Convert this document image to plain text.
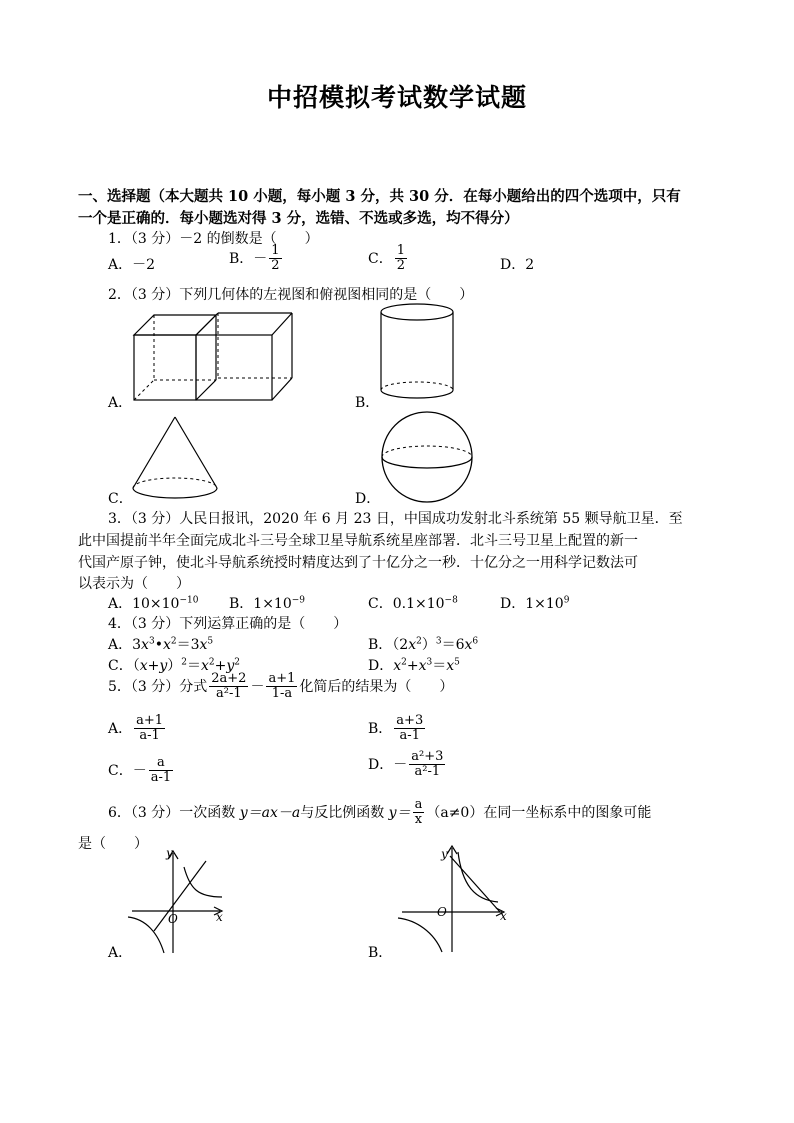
中招模拟考试数学试题
一、选择题（本大题共 10 小题，每小题 3 分，共 30 分．在每小题给出的四个选项中，只有
一个是正确的．每小题选对得 3 分，选错、不选或多选，均不得分）
1．（3 分）－2 的倒数是（　　）
A．－2	B．－ $\frac{1}{2}$	C． $\frac{1}{2}$	D．2
2．（3 分）下列几何体的左视图和俯视图相同的是（　　）
A．	B．
C．	D．
3．（3 分）人民日报讯，2020 年 6 月 23 日，中国成功发射北斗系统第 55 颗导航卫星．至
此中国提前半年全面完成北斗三号全球卫星导航系统星座部署．北斗三号卫星上配置的新一
代国产原子钟，使北斗导航系统授时精度达到了十亿分之一秒．十亿分之一用科学记数法可
以表示为（　　）
A．$10\times 10^{-10}$ B．$1\times 10^{-9}$	C．$0.1\times 10^{-8}$	D．$1\times 10^9$
4．（3 分）下列运算正确的是（　　）
A．$3x^3•x^2=3x^5$	B．$(2x^2)^3=6x^6$
C．$(x+y)^2=x^2+y^2$	D．$x^2+x^3=x^5$
5．（3 分）分式 $\frac{2a+2}{\text{a²-1}} - \frac{a+1}{1-a}$ 化简后的结果为（　　）
A． $\frac{a+1}{a-1}$	B． $\frac{a+3}{a-1}$
C．－ $\frac{a}{a-1}$	D．－ $\frac{\text{a²+3}}{\text{a²-1}}$
6．（3 分）一次函数 y＝ax－a与反比例函数 $y= \frac{a}{x} (a\ne 0)$在同一坐标系中的图象可能
是（　　）
y
x
O
A．
y
x
O
B．
